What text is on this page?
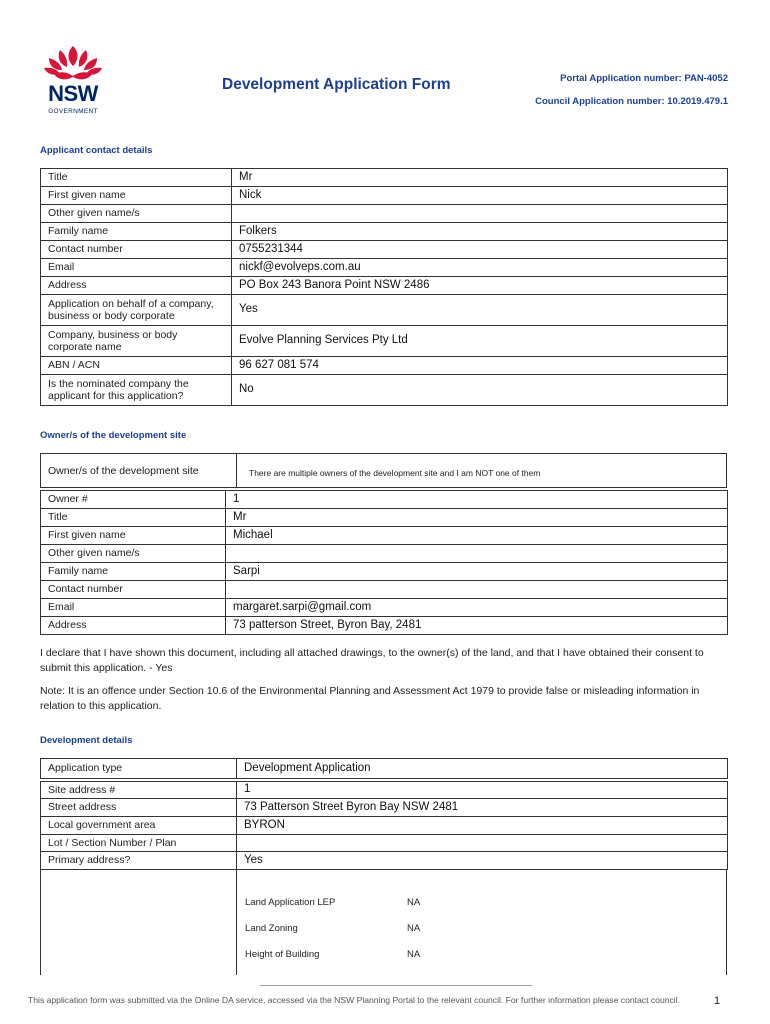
NSW
GOVERNMENT
Development Application Form	Portal Application number: PAN-4052
Council Application number: 10.2019.479.1
Applicant contact details
Title	Mr
First given name	Nick
Other given name/s	
Family name	Folkers
Contact number	0755231344
Email	nickf@evolveps.com.au
Address	PO Box 243 Banora Point NSW 2486
Application on behalf of a company, business or body corporate	Yes
Company, business or body corporate name	Evolve Planning Services Pty Ltd
ABN / ACN	96 627 081 574
Is the nominated company the applicant for this application?	No
Owner/s of the development site
Owner/s of the development site	There are multiple owners of the development site and I am NOT one of them
Owner #	1
Title	Mr
First given name	Michael
Other given name/s	
Family name	Sarpi
Contact number	
Email	margaret.sarpi@gmail.com
Address	73 patterson Street, Byron Bay, 2481
I declare that I have shown this document, including all attached drawings, to the owner(s) of the land, and that I have obtained their consent to submit this application. - Yes
Note: It is an offence under Section 10.6 of the Environmental Planning and Assessment Act 1979 to provide false or misleading information in relation to this application.
Development details
Application type	Development Application
Site address #	1
Street address	73 Patterson Street Byron Bay NSW 2481
Local government area	BYRON
Lot / Section Number / Plan	
Primary address?	Yes
Land Application LEP	NA
Land Zoning	NA
Height of Building	NA
This application form was submitted via the Online DA service, accessed via the NSW Planning Portal to the relevant council. For further information please contact council.	1
